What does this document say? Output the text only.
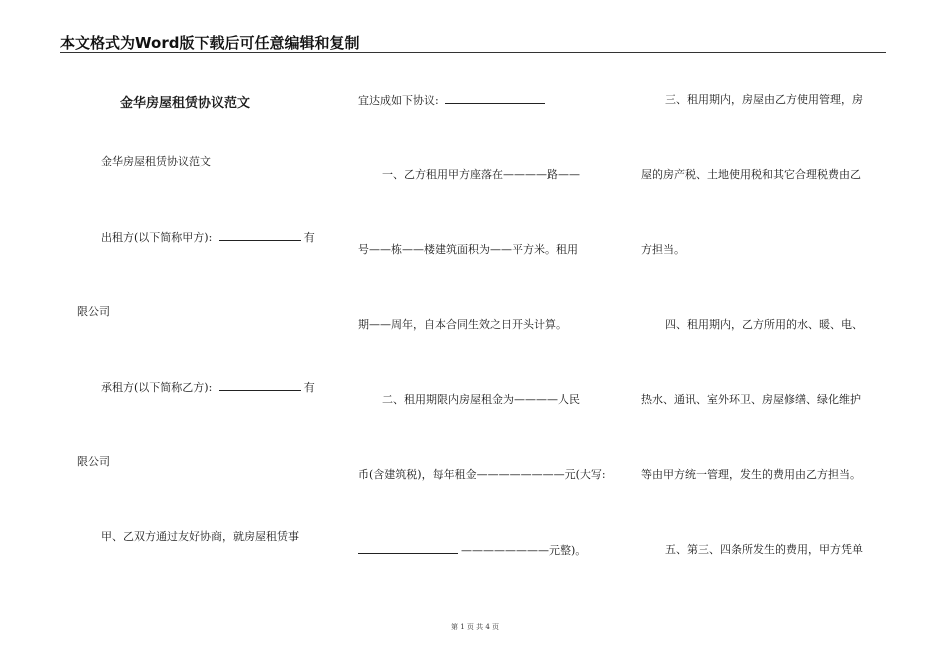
本文格式为Word版下载后可任意编辑和复制
金华房屋租赁协议范文
金华房屋租赁协议范文
出租方(以下简称甲方):	有
限公司
承租方(以下简称乙方):	有
限公司
甲、乙双方通过友好协商，就房屋租赁事
宜达成如下协议:
一、乙方租用甲方座落在————路——
号——栋——楼建筑面积为——平方米。租用
期——周年，自本合同生效之日开头计算。
二、租用期限内房屋租金为————人民
币(含建筑税)，每年租金————————元(大写:
————————元整)。
三、租用期内，房屋由乙方使用管理，房
屋的房产税、土地使用税和其它合理税费由乙
方担当。
四、租用期内，乙方所用的水、暖、电、
热水、通讯、室外环卫、房屋修缮、绿化维护
等由甲方统一管理，发生的费用由乙方担当。
五、第三、四条所发生的费用，甲方凭单
第 1 页 共 4 页
